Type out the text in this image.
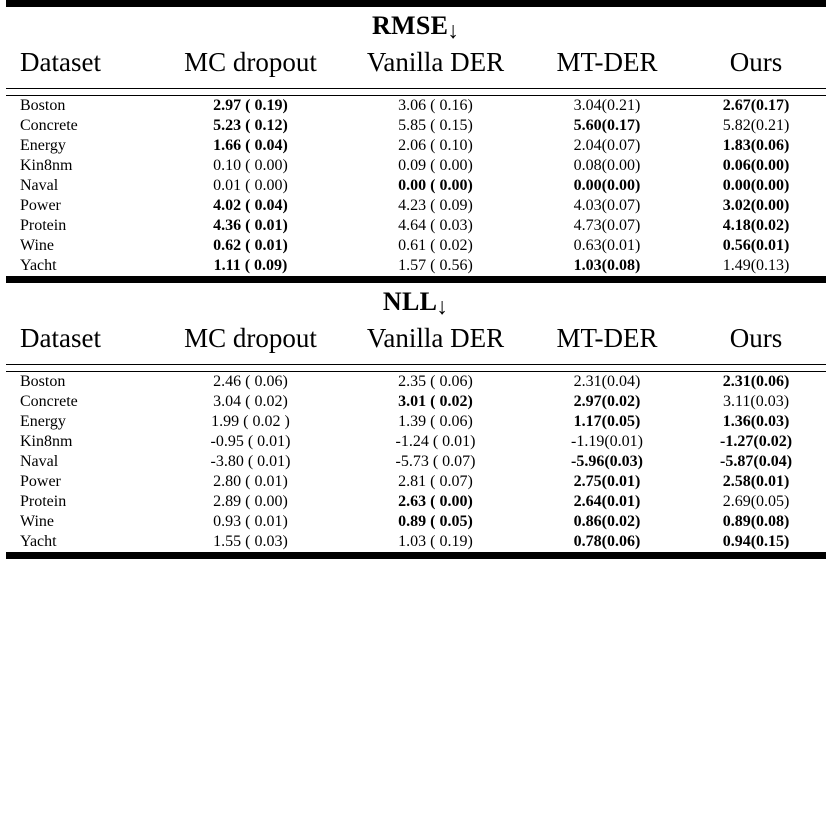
RMSE↓				
Dataset	MC dropout	Vanilla DER	MT-DER	Ours

Boston	2.97 ( 0.19)	3.06 ( 0.16)	3.04(0.21)	2.67(0.17)
Concrete	5.23 ( 0.12)	5.85 ( 0.15)	5.60(0.17)	5.82(0.21)
Energy	1.66 ( 0.04)	2.06 ( 0.10)	2.04(0.07)	1.83(0.06)
Kin8nm	0.10 ( 0.00)	0.09 ( 0.00)	0.08(0.00)	0.06(0.00)
Naval	0.01 ( 0.00)	0.00 ( 0.00)	0.00(0.00)	0.00(0.00)
Power	4.02 ( 0.04)	4.23 ( 0.09)	4.03(0.07)	3.02(0.00)
Protein	4.36 ( 0.01)	4.64 ( 0.03)	4.73(0.07)	4.18(0.02)
Wine	0.62 ( 0.01)	0.61 ( 0.02)	0.63(0.01)	0.56(0.01)
Yacht	1.11 ( 0.09)	1.57 ( 0.56)	1.03(0.08)	1.49(0.13)

NLL↓				
Dataset	MC dropout	Vanilla DER	MT-DER	Ours

Boston	2.46 ( 0.06)	2.35 ( 0.06)	2.31(0.04)	2.31(0.06)
Concrete	3.04 ( 0.02)	3.01 ( 0.02)	2.97(0.02)	3.11(0.03)
Energy	1.99 ( 0.02 )	1.39 ( 0.06)	1.17(0.05)	1.36(0.03)
Kin8nm	-0.95 ( 0.01)	-1.24 ( 0.01)	-1.19(0.01)	-1.27(0.02)
Naval	-3.80 ( 0.01)	-5.73 ( 0.07)	-5.96(0.03)	-5.87(0.04)
Power	2.80 ( 0.01)	2.81 ( 0.07)	2.75(0.01)	2.58(0.01)
Protein	2.89 ( 0.00)	2.63 ( 0.00)	2.64(0.01)	2.69(0.05)
Wine	0.93 ( 0.01)	0.89 ( 0.05)	0.86(0.02)	0.89(0.08)
Yacht	1.55 ( 0.03)	1.03 ( 0.19)	0.78(0.06)	0.94(0.15)
